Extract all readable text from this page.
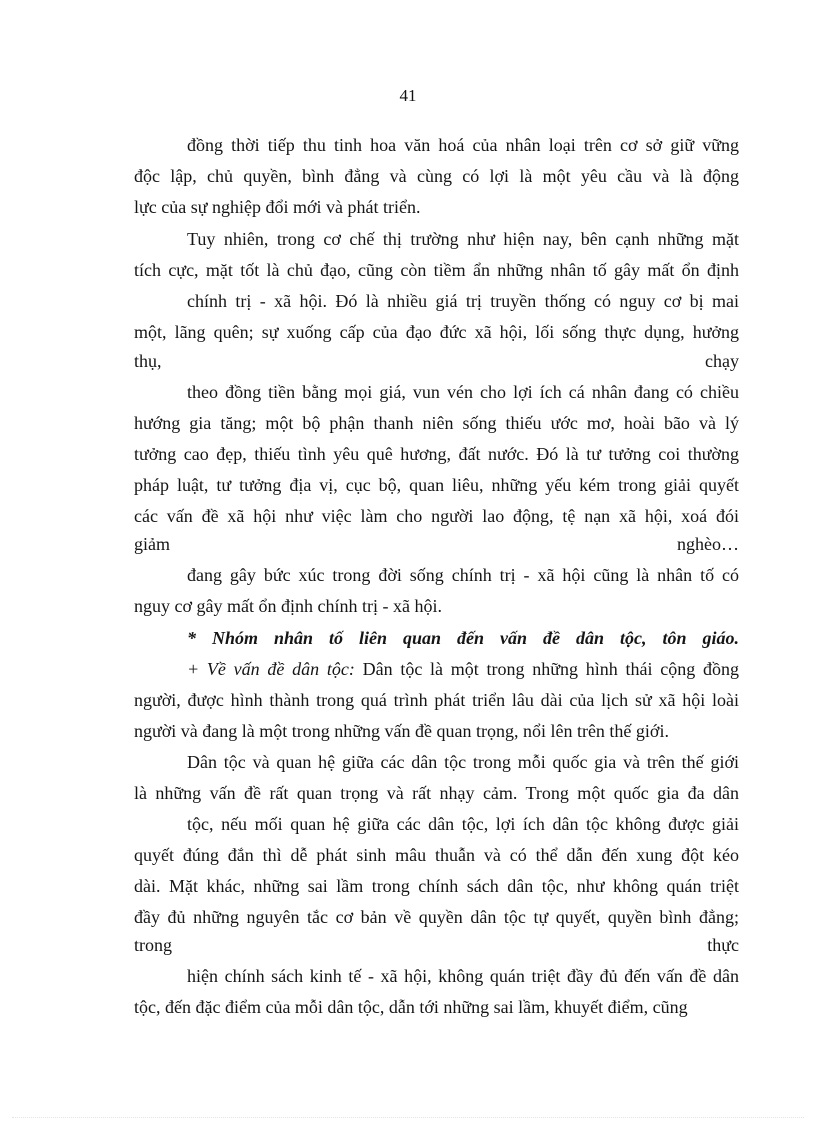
41
đồng thời tiếp thu tinh hoa văn hoá của nhân loại trên cơ sở giữ vững
độc lập, chủ quyền, bình đẳng và cùng có lợi là một yêu cầu và là động
lực của sự nghiệp đổi mới và phát triển.
Tuy nhiên, trong cơ chế thị trường như hiện nay, bên cạnh những mặt
tích cực, mặt tốt là chủ đạo, cũng còn tiềm ẩn những nhân tố gây mất ổn định
chính trị - xã hội. Đó là nhiều giá trị truyền thống có nguy cơ bị mai
một, lãng quên; sự xuống cấp của đạo đức xã hội, lối sống thực dụng, hưởng
thụ,	chạy
theo đồng tiền bằng mọi giá, vun vén cho lợi ích cá nhân đang có chiều
hướng gia tăng; một bộ phận thanh niên sống thiếu ước mơ, hoài bão và lý
tưởng cao đẹp, thiếu tình yêu quê hương, đất nước. Đó là tư tưởng coi thường
pháp luật, tư tưởng địa vị, cục bộ, quan liêu, những yếu kém trong giải quyết
các vấn đề xã hội như việc làm cho người lao động, tệ nạn xã hội, xoá đói
giảm	nghèo…
đang gây bức xúc trong đời sống chính trị - xã hội cũng là nhân tố có
nguy cơ gây mất ổn định chính trị - xã hội.
* Nhóm nhân tố liên quan đến vấn đề dân tộc, tôn giáo.
+ Về vấn đề dân tộc: Dân tộc là một trong những hình thái cộng đồng
người, được hình thành trong quá trình phát triển lâu dài của lịch sử xã hội loài
người và đang là một trong những vấn đề quan trọng, nổi lên trên thế giới.
Dân tộc và quan hệ giữa các dân tộc trong mỗi quốc gia và trên thế giới
là những vấn đề rất quan trọng và rất nhạy cảm. Trong một quốc gia đa dân
tộc, nếu mối quan hệ giữa các dân tộc, lợi ích dân tộc không được giải
quyết đúng đắn thì dễ phát sinh mâu thuẫn và có thể dẫn đến xung đột kéo
dài. Mặt khác, những sai lầm trong chính sách dân tộc, như không quán triệt
đầy đủ những nguyên tắc cơ bản về quyền dân tộc tự quyết, quyền bình đẳng;
trong	thực
hiện chính sách kinh tế - xã hội, không quán triệt đầy đủ đến vấn đề dân
tộc, đến đặc điểm của mỗi dân tộc, dẫn tới những sai lầm, khuyết điểm, cũng
